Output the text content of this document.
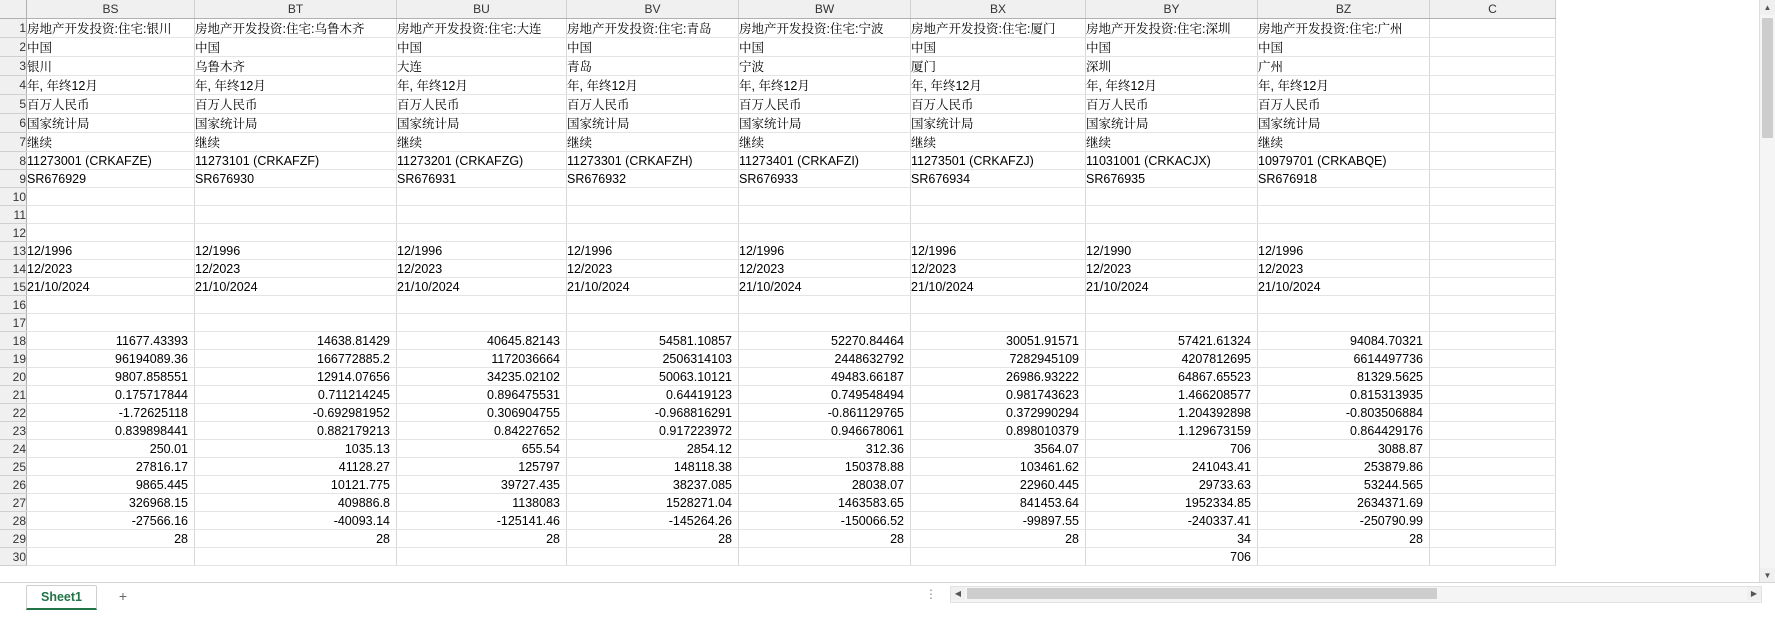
	BS	BT	BU	BV	BW	BX	BY	BZ	C
1	房地产开发投资:住宅:银川	房地产开发投资:住宅:乌鲁木齐	房地产开发投资:住宅:大连	房地产开发投资:住宅:青岛	房地产开发投资:住宅:宁波	房地产开发投资:住宅:厦门	房地产开发投资:住宅:深圳	房地产开发投资:住宅:广州	
2	中国	中国	中国	中国	中国	中国	中国	中国	
3	银川	乌鲁木齐	大连	青岛	宁波	厦门	深圳	广州	
4	年, 年终12月	年, 年终12月	年, 年终12月	年, 年终12月	年, 年终12月	年, 年终12月	年, 年终12月	年, 年终12月	
5	百万人民币	百万人民币	百万人民币	百万人民币	百万人民币	百万人民币	百万人民币	百万人民币	
6	国家统计局	国家统计局	国家统计局	国家统计局	国家统计局	国家统计局	国家统计局	国家统计局	
7	继续	继续	继续	继续	继续	继续	继续	继续	
8	11273001 (CRKAFZE)	11273101 (CRKAFZF)	11273201 (CRKAFZG)	11273301 (CRKAFZH)	11273401 (CRKAFZI)	11273501 (CRKAFZJ)	11031001 (CRKACJX)	10979701 (CRKABQE)	
9	SR676929	SR676930	SR676931	SR676932	SR676933	SR676934	SR676935	SR676918	
10									
11									
12									
13	12/1996	12/1996	12/1996	12/1996	12/1996	12/1996	12/1990	12/1996	
14	12/2023	12/2023	12/2023	12/2023	12/2023	12/2023	12/2023	12/2023	
15	21/10/2024	21/10/2024	21/10/2024	21/10/2024	21/10/2024	21/10/2024	21/10/2024	21/10/2024	
16									
17									
18	11677.43393	14638.81429	40645.82143	54581.10857	52270.84464	30051.91571	57421.61324	94084.70321	
19	96194089.36	166772885.2	1172036664	2506314103	2448632792	7282945109	4207812695	6614497736	
20	9807.858551	12914.07656	34235.02102	50063.10121	49483.66187	26986.93222	64867.65523	81329.5625	
21	0.175717844	0.711214245	0.896475531	0.64419123	0.749548494	0.981743623	1.466208577	0.815313935	
22	-1.72625118	-0.692981952	0.306904755	-0.968816291	-0.861129765	0.372990294	1.204392898	-0.803506884	
23	0.839898441	0.882179213	0.84227652	0.917223972	0.946678061	0.898010379	1.129673159	0.864429176	
24	250.01	1035.13	655.54	2854.12	312.36	3564.07	706	3088.87	
25	27816.17	41128.27	125797	148118.38	150378.88	103461.62	241043.41	253879.86	
26	9865.445	10121.775	39727.435	38237.085	28038.07	22960.445	29733.63	53244.565	
27	326968.15	409886.8	1138083	1528271.04	1463583.65	841453.64	1952334.85	2634371.69	
28	-27566.16	-40093.14	-125141.46	-145264.26	-150066.52	-99897.55	-240337.41	-250790.99	
29	28	28	28	28	28	28	34	28	
30							706		
▲
▼
Sheet1	+	⋮	◀	▶
